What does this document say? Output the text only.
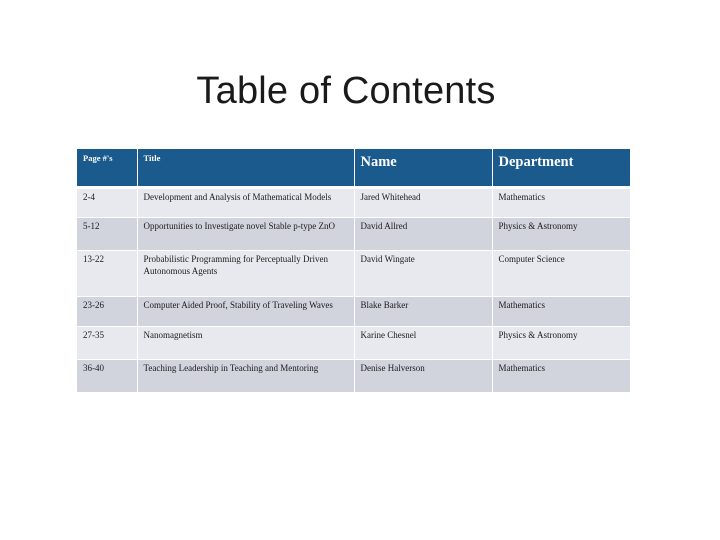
Table of Contents
Page #'s	Title	Name	Department
2-4	Development and Analysis of Mathematical Models	Jared Whitehead	Mathematics
5-12	Opportunities to Investigate novel Stable p-type ZnO	David Allred	Physics & Astronomy
13-22	Probabilistic Programming for Perceptually Driven Autonomous Agents	David Wingate	Computer Science
23-26	Computer Aided Proof, Stability of Traveling Waves	Blake Barker	Mathematics
27-35	Nanomagnetism	Karine Chesnel	Physics & Astronomy
36-40	Teaching Leadership in Teaching and Mentoring	Denise Halverson	Mathematics
